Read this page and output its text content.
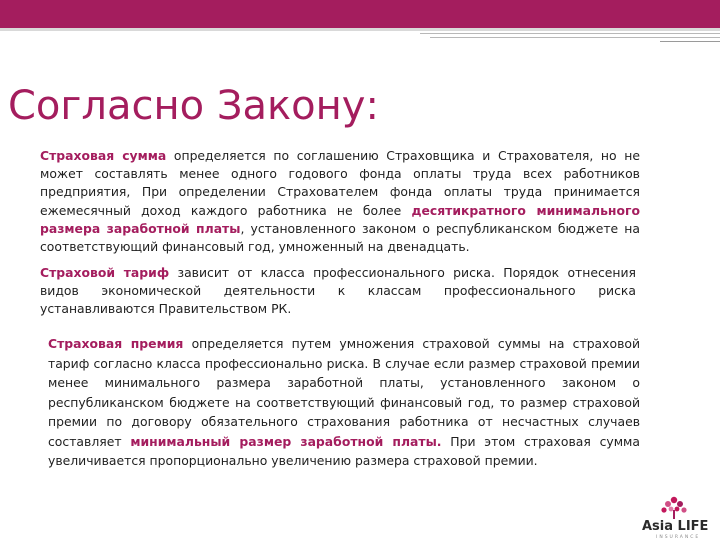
Согласно Закону:
Страховая сумма определяется по соглашению Страховщика и Страхователя, но не может составлять менее одного годового фонда оплаты труда всех работников предприятия, При определении Страхователем фонда оплаты труда принимается ежемесячный доход каждого работника не более десятикратного минимального размера заработной платы, установленного законом о республиканском бюджете на соответствующий финансовый год, умноженный на двенадцать.
Страховой тариф зависит от класса профессионального риска. Порядок отнесения видов экономической деятельности к классам профессионального риска устанавливаются Правительством РК.
Страховая премия определяется путем умножения страховой суммы на страховой тариф согласно класса профессионально риска. В случае если размер страховой премии менее минимального размера заработной платы, установленного законом о республиканском бюджете на соответствующий финансовый год, то размер страховой премии по договору обязательного страхования работника от несчастных случаев составляет минимальный размер заработной платы. При этом страховая сумма увеличивается пропорционально увеличению размера страховой премии.
Asia LIFE
INSURANCE
